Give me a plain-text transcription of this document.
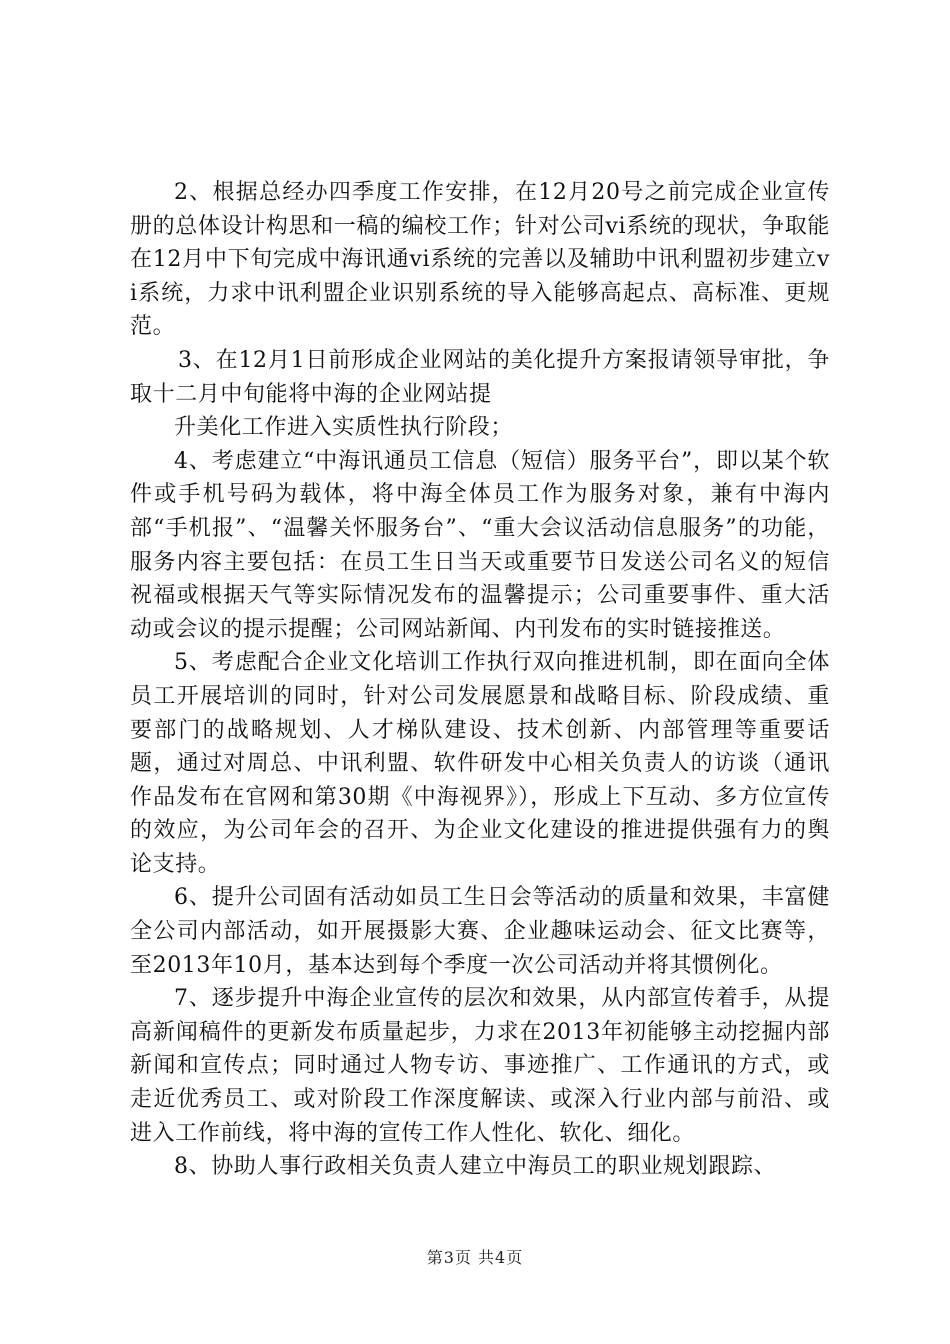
2、根据总经办四季度工作安排，在12月20号之前完成企业宣传册的总体设计构思和一稿的编校工作；针对公司vi系统的现状，争取能在12月中下旬完成中海讯通vi系统的完善以及辅助中讯利盟初步建立vi系统，力求中讯利盟企业识别系统的导入能够高起点、高标准、更规范。

3、在12月1日前形成企业网站的美化提升方案报请领导审批，争取十二月中旬能将中海的企业网站提

升美化工作进入实质性执行阶段；

4、考虑建立“中海讯通员工信息（短信）服务平台”，即以某个软件或手机号码为载体，将中海全体员工作为服务对象，兼有中海内部“手机报”、“温馨关怀服务台”、“重大会议活动信息服务”的功能，服务内容主要包括：在员工生日当天或重要节日发送公司名义的短信祝福或根据天气等实际情况发布的温馨提示；公司重要事件、重大活动或会议的提示提醒；公司网站新闻、内刊发布的实时链接推送。

5、考虑配合企业文化培训工作执行双向推进机制，即在面向全体员工开展培训的同时，针对公司发展愿景和战略目标、阶段成绩、重要部门的战略规划、人才梯队建设、技术创新、内部管理等重要话题，通过对周总、中讯利盟、软件研发中心相关负责人的访谈（通讯作品发布在官网和第30期《中海视界》），形成上下互动、多方位宣传的效应，为公司年会的召开、为企业文化建设的推进提供强有力的舆论支持。

6、提升公司固有活动如员工生日会等活动的质量和效果，丰富健全公司内部活动，如开展摄影大赛、企业趣味运动会、征文比赛等，至2013年10月，基本达到每个季度一次公司活动并将其惯例化。

7、逐步提升中海企业宣传的层次和效果，从内部宣传着手，从提高新闻稿件的更新发布质量起步，力求在2013年初能够主动挖掘内部新闻和宣传点；同时通过人物专访、事迹推广、工作通讯的方式，或走近优秀员工、或对阶段工作深度解读、或深入行业内部与前沿、或进入工作前线，将中海的宣传工作人性化、软化、细化。

8、协助人事行政相关负责人建立中海员工的职业规划跟踪、

第3页 共4页
